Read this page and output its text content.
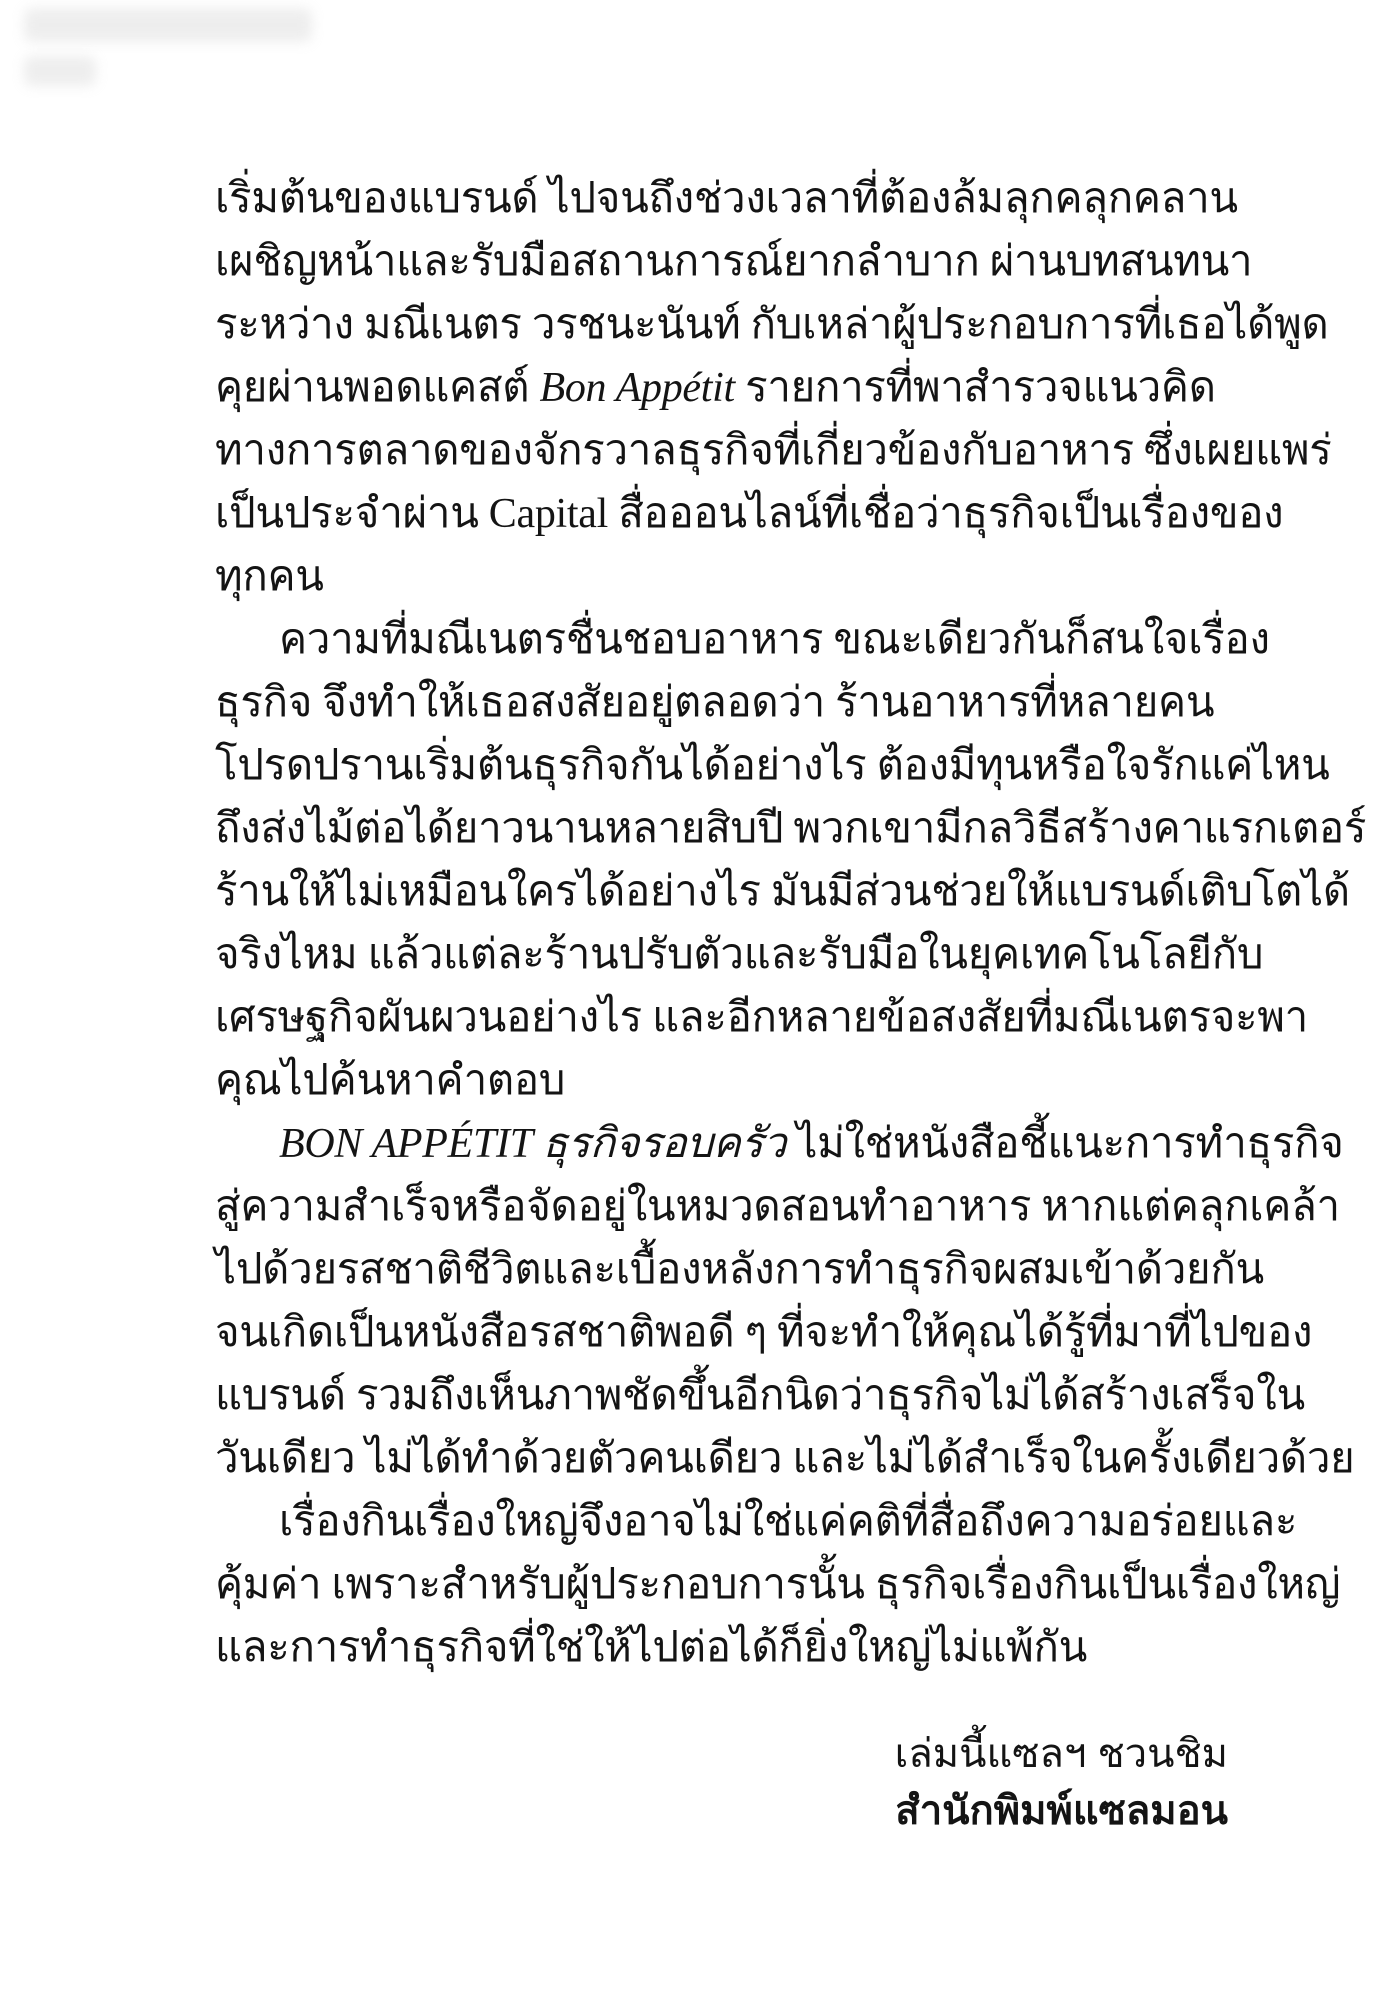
เริ่มต้นของแบรนด์ ไปจนถึงช่วงเวลาที่ต้องล้มลุกคลุกคลาน
เผชิญหน้าและรับมือสถานการณ์ยากลำบาก ผ่านบทสนทนา
ระหว่าง มณีเนตร วรชนะนันท์ กับเหล่าผู้ประกอบการที่เธอได้พูด
คุยผ่านพอดแคสต์ Bon Appétit รายการที่พาสำรวจแนวคิด
ทางการตลาดของจักรวาลธุรกิจที่เกี่ยวข้องกับอาหาร ซึ่งเผยแพร่
เป็นประจำผ่าน Capital สื่อออนไลน์ที่เชื่อว่าธุรกิจเป็นเรื่องของ
ทุกคน
ความที่มณีเนตรชื่นชอบอาหาร ขณะเดียวกันก็สนใจเรื่อง
ธุรกิจ จึงทำให้เธอสงสัยอยู่ตลอดว่า ร้านอาหารที่หลายคน
โปรดปรานเริ่มต้นธุรกิจกันได้อย่างไร ต้องมีทุนหรือใจรักแค่ไหน
ถึงส่งไม้ต่อได้ยาวนานหลายสิบปี พวกเขามีกลวิธีสร้างคาแรกเตอร์
ร้านให้ไม่เหมือนใครได้อย่างไร มันมีส่วนช่วยให้แบรนด์เติบโตได้
จริงไหม แล้วแต่ละร้านปรับตัวและรับมือในยุคเทคโนโลยีกับ
เศรษฐกิจผันผวนอย่างไร และอีกหลายข้อสงสัยที่มณีเนตรจะพา
คุณไปค้นหาคำตอบ
BON APPÉTIT ธุรกิจรอบครัว ไม่ใช่หนังสือชี้แนะการทำธุรกิจ
สู่ความสำเร็จหรือจัดอยู่ในหมวดสอนทำอาหาร หากแต่คลุกเคล้า
ไปด้วยรสชาติชีวิตและเบื้องหลังการทำธุรกิจผสมเข้าด้วยกัน
จนเกิดเป็นหนังสือรสชาติพอดี ๆ ที่จะทำให้คุณได้รู้ที่มาที่ไปของ
แบรนด์ รวมถึงเห็นภาพชัดขึ้นอีกนิดว่าธุรกิจไม่ได้สร้างเสร็จใน
วันเดียว ไม่ได้ทำด้วยตัวคนเดียว และไม่ได้สำเร็จในครั้งเดียวด้วย
เรื่องกินเรื่องใหญ่จึงอาจไม่ใช่แค่คติที่สื่อถึงความอร่อยและ
คุ้มค่า เพราะสำหรับผู้ประกอบการนั้น ธุรกิจเรื่องกินเป็นเรื่องใหญ่
และการทำธุรกิจที่ใช่ให้ไปต่อได้ก็ยิ่งใหญ่ไม่แพ้กัน
เล่มนี้แซลฯ ชวนชิม
สำนักพิมพ์แซลมอน
